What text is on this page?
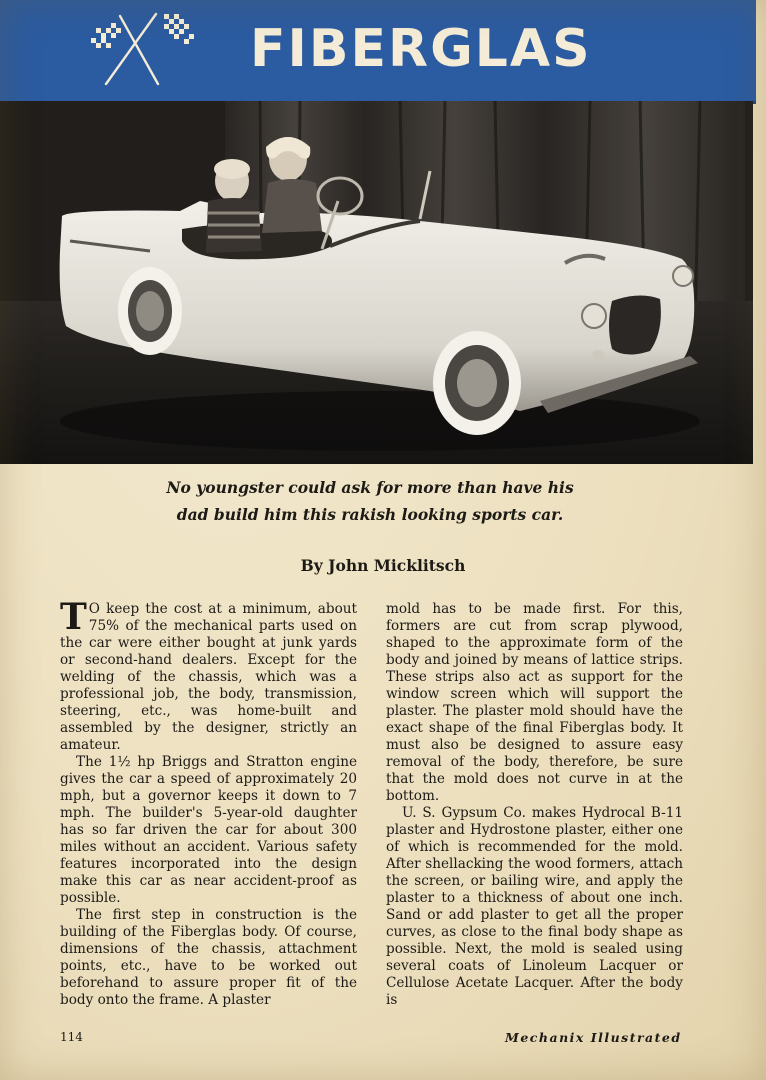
FIBERGLAS
No youngster could ask for more than have his
dad build him this rakish looking sports car.
By John Micklitsch

T O keep the cost at a minimum, about 75% of the mechanical parts used on the car were either bought at junk yards or second-hand dealers. Except for the welding of the chassis, which was a professional job, the body, transmission, steering, etc., was home-built and assembled by the designer, strictly an amateur.

The 1½ hp Briggs and Stratton engine gives the car a speed of approximately 20 mph, but a governor keeps it down to 7 mph. The builder's 5-year-old daughter has so far driven the car for about 300 miles without an accident. Various safety features incorporated into the design make this car as near accident-proof as possible.

The first step in construction is the building of the Fiberglas body. Of course, dimensions of the chassis, attachment points, etc., have to be worked out beforehand to assure proper fit of the body onto the frame. A plaster

mold has to be made first. For this, formers are cut from scrap plywood, shaped to the approximate form of the body and joined by means of lattice strips. These strips also act as support for the window screen which will support the plaster. The plaster mold should have the exact shape of the final Fiberglas body. It must also be designed to assure easy removal of the body, therefore, be sure that the mold does not curve in at the bottom.

U. S. Gypsum Co. makes Hydrocal B-11 plaster and Hydrostone plaster, either one of which is recommended for the mold. After shellacking the wood formers, attach the screen, or bailing wire, and apply the plaster to a thickness of about one inch. Sand or add plaster to get all the proper curves, as close to the final body shape as possible. Next, the mold is sealed using several coats of Linoleum Lacquer or Cellulose Acetate Lacquer. After the body is

114	Mechanix Illustrated
